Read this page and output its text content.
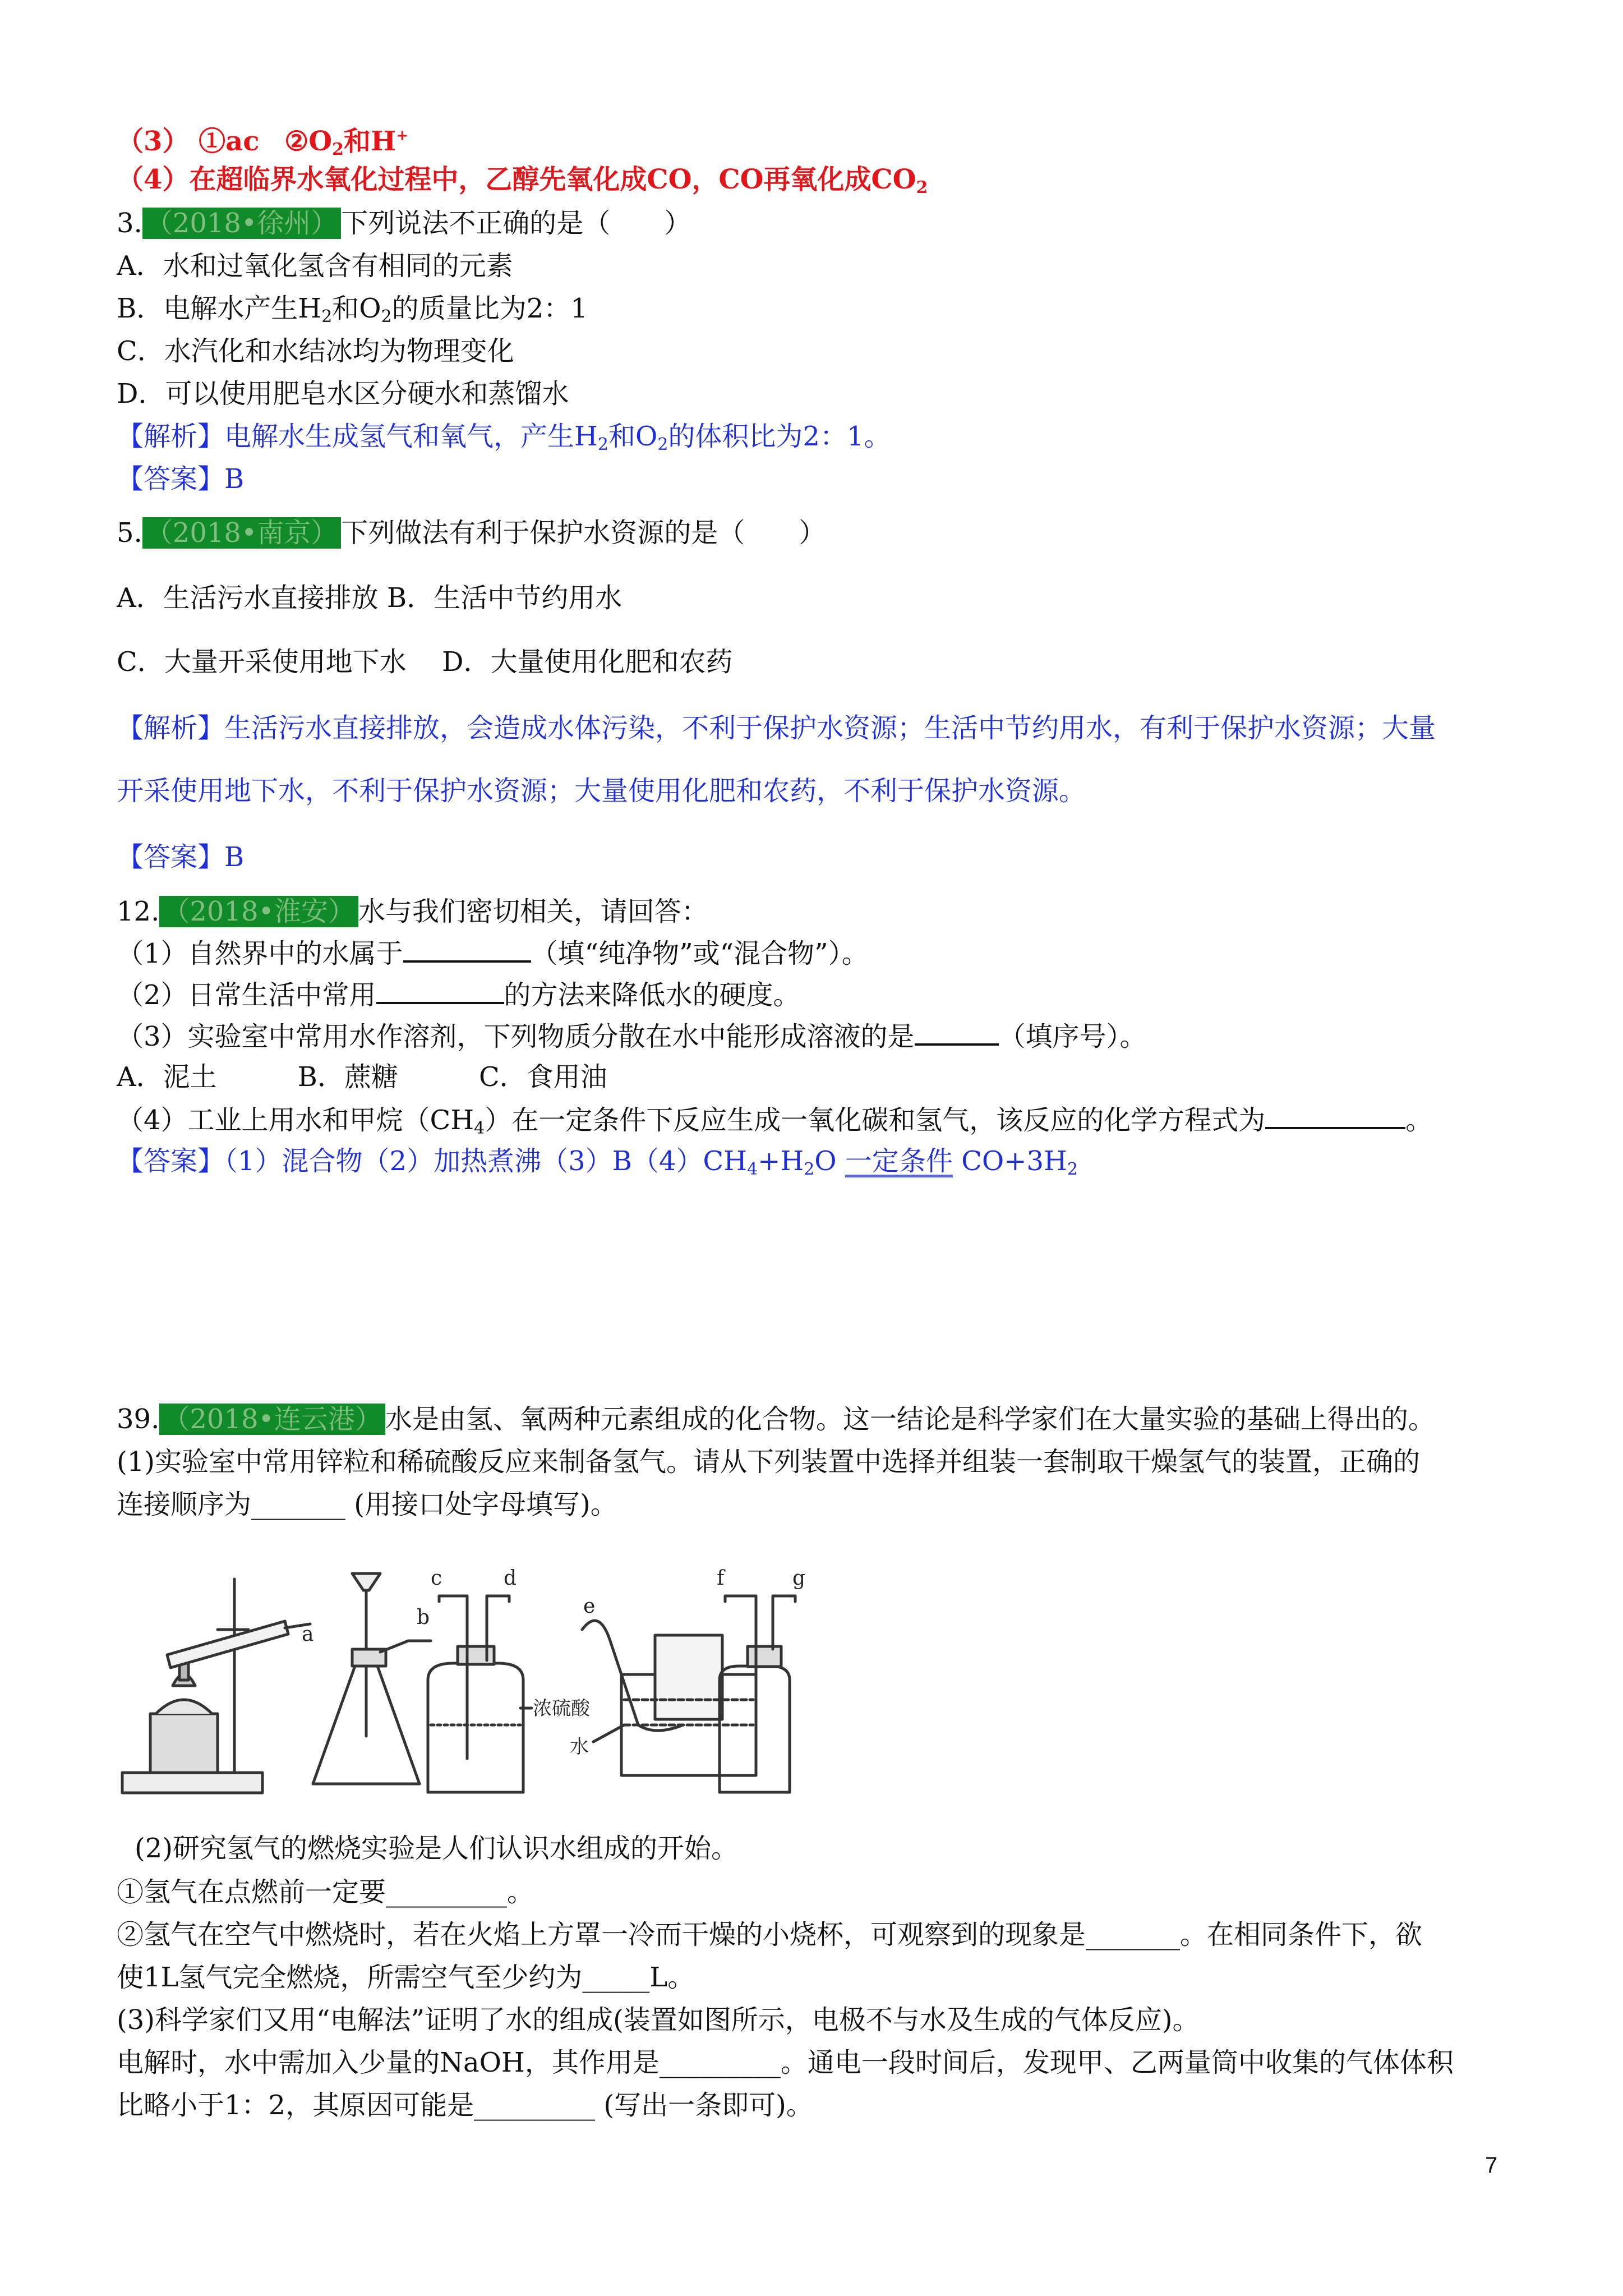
（3） ①ac $②O_2$和H+
（4）在超临界水氧化过程中，乙醇先氧化成CO，CO再氧化成$CO_2$
3. （2018•徐州） 下列说法不正确的是（　　）
A．水和过氧化氢含有相同的元素
B．电解水产生$H_2$和$O_2$的质量比为2：1
C．水汽化和水结冰均为物理变化
D．可以使用肥皂水区分硬水和蒸馏水
【解析】电解水生成氢气和氧气，产生$H_2$和$O_2$的体积比为2：1。
【答案】B
5. （2018•南京） 下列做法有利于保护水资源的是（　　）
A．生活污水直接排放 B．生活中节约用水
C．大量开采使用地下水　 D．大量使用化肥和农药
【解析】生活污水直接排放，会造成水体污染，不利于保护水资源；生活中节约用水，有利于保护水资源；大量
开采使用地下水，不利于保护水资源；大量使用化肥和农药，不利于保护水资源。
【答案】B
12. （2018•淮安） 水与我们密切相关，请回答：
（1）自然界中的水属于	（填“纯净物”或“混合物”）。
（2）日常生活中常用	的方法来降低水的硬度。
（3）实验室中常用水作溶剂，下列物质分散在水中能形成溶液的是	（填序号）。
A．泥土　　　B．蔗糖　　　C．食用油
（4）工业上用水和甲烷$(CH_4)$在一定条件下反应生成一氧化碳和氢气，该反应的化学方程式为	。
【答案】（1）混合物（2）加热煮沸$(3)B(4)CH_4+H_2O$ 一定条件 $CO+3H_2$
39. （2018•连云港） 水是由氢、氧两种元素组成的化合物。这一结论是科学家们在大量实验的基础上得出的。
(1)实验室中常用锌粒和稀硫酸反应来制备氢气。请从下列装置中选择并组装一套制取干燥氢气的装置，正确的
连接顺序为_______ (用接口处字母填写)。
a
b
c	d
e
f	g
浓硫酸
水
(2)研究氢气的燃烧实验是人们认识水组成的开始。
①氢气在点燃前一定要_________。
②氢气在空气中燃烧时，若在火焰上方罩一冷而干燥的小烧杯，可观察到的现象是_______。在相同条件下，欲
使1L氢气完全燃烧，所需空气至少约为_____L。
(3)科学家们又用“电解法”证明了水的组成(装置如图所示，电极不与水及生成的气体反应)。
电解时，水中需加入少量的NaOH，其作用是_________。通电一段时间后，发现甲、乙两量筒中收集的气体体积
比略小于1：2，其原因可能是_________ (写出一条即可)。
7
